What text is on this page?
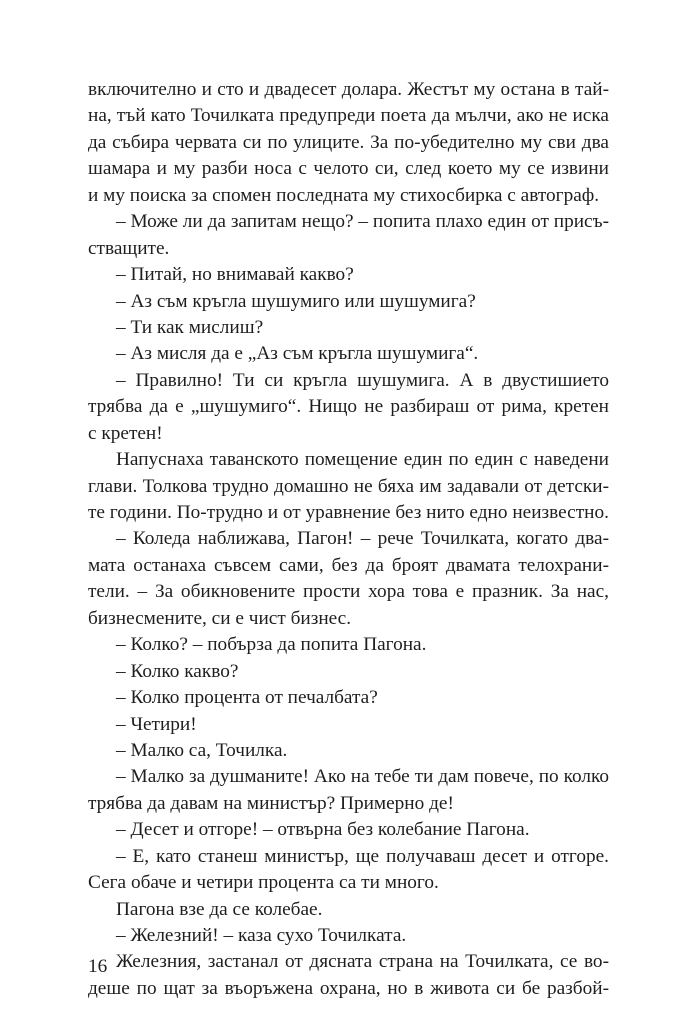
включително и сто и двадесет долара. Жестът му остана в тай-
на, тъй като Точилката предупреди поета да мълчи, ако не иска
да събира червата си по улиците. За по-убедително му сви два
шамара и му разби носа с челото си, след което му се извини
и му поиска за спомен последната му стихосбирка с автограф.
– Може ли да запитам нещо? – попита плахо един от присъ-
стващите.
– Питай, но внимавай какво?
– Аз съм кръгла шушумиго или шушумига?
– Ти как мислиш?
– Аз мисля да е „Аз съм кръгла шушумига“.
– Правилно! Ти си кръгла шушумига. А в двустишието
трябва да е „шушумиго“. Нищо не разбираш от рима, кретен
с кретен!
Напуснаха таванското помещение един по един с наведени
глави. Толкова трудно домашно не бяха им задавали от детски-
те години. По-трудно и от уравнение без нито едно неизвестно.
– Коледа наближава, Пагон! – рече Точилката, когато два-
мата останаха съвсем сами, без да броят двамата телохрани-
тели. – За обикновените прости хора това е празник. За нас,
бизнесмените, си е чист бизнес.
– Колко? – побърза да попита Пагона.
– Колко какво?
– Колко процента от печалбата?
– Четири!
– Малко са, Точилка.
– Малко за душманите! Ако на тебе ти дам повече, по колко
трябва да давам на министър? Примерно де!
– Десет и отгоре! – отвърна без колебание Пагона.
– Е, като станеш министър, ще получаваш десет и отгоре.
Сега обаче и четири процента са ти много.
Пагона взе да се колебае.
– Железний! – каза сухо Точилката.
Железния, застанал от дясната страна на Точилката, се во-
деше по щат за въоръжена охрана, но в живота си бе разбой-
16
